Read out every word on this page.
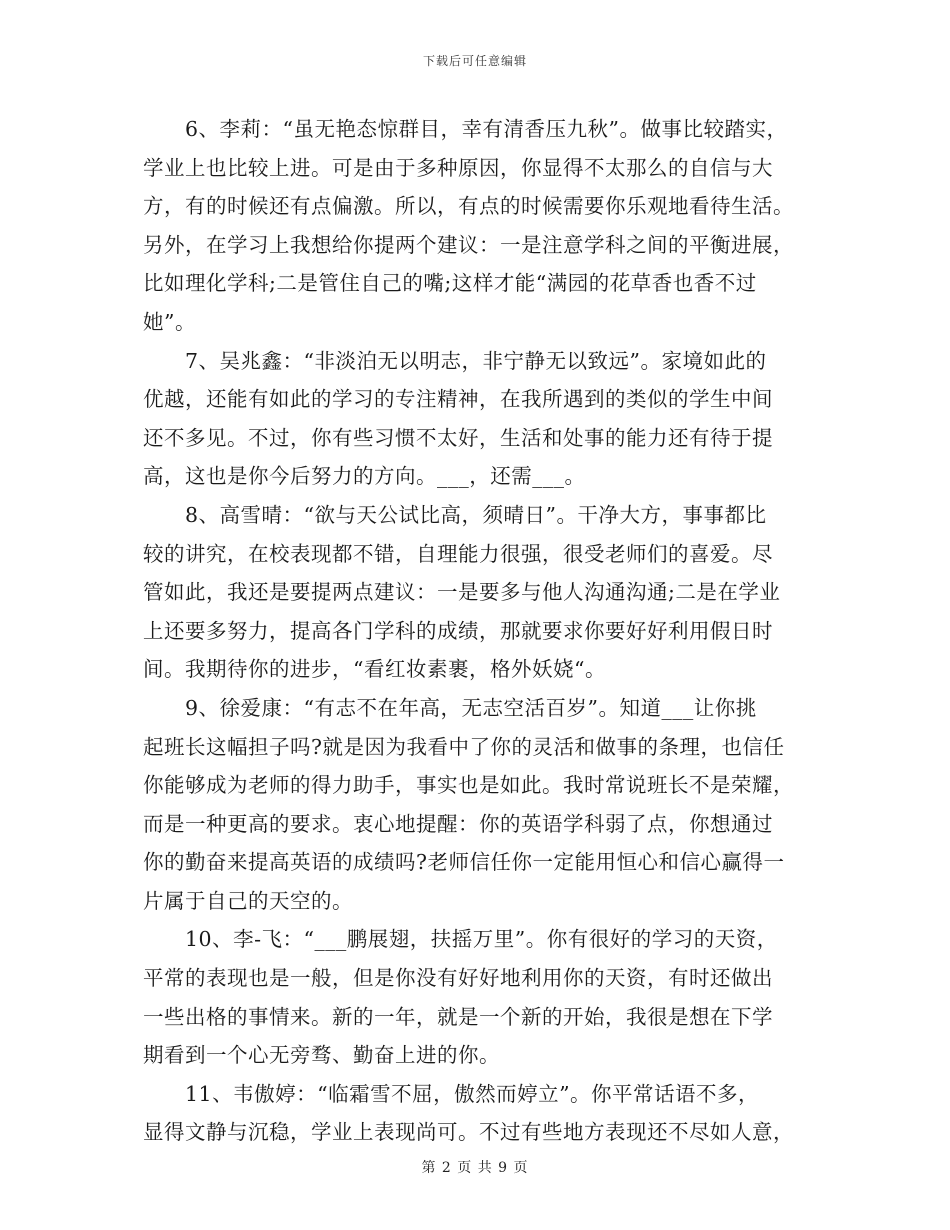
下载后可任意编辑

6、李莉：“虽无艳态惊群目，幸有清香压九秋”。做事比较踏实，
学业上也比较上进。可是由于多种原因，你显得不太那么的自信与大
方，有的时候还有点偏激。所以，有点的时候需要你乐观地看待生活。
另外，在学习上我想给你提两个建议：一是注意学科之间的平衡进展，
比如理化学科;二是管住自己的嘴;这样才能“满园的花草香也香不过
她”。

7、吴兆鑫：“非淡泊无以明志，非宁静无以致远”。家境如此的
优越，还能有如此的学习的专注精神，在我所遇到的类似的学生中间
还不多见。不过，你有些习惯不太好，生活和处事的能力还有待于提
高，这也是你今后努力的方向。___，还需___。

8、高雪晴：“欲与天公试比高，须晴日”。干净大方，事事都比
较的讲究，在校表现都不错，自理能力很强，很受老师们的喜爱。尽
管如此，我还是要提两点建议：一是要多与他人沟通沟通;二是在学业
上还要多努力，提高各门学科的成绩，那就要求你要好好利用假日时
间。我期待你的进步，“看红妆素裹，格外妖娆“。

9、徐爱康：“有志不在年高，无志空活百岁”。知道___让你挑
起班长这幅担子吗?就是因为我看中了你的灵活和做事的条理，也信任
你能够成为老师的得力助手，事实也是如此。我时常说班长不是荣耀，
而是一种更高的要求。衷心地提醒：你的英语学科弱了点，你想通过
你的勤奋来提高英语的成绩吗?老师信任你一定能用恒心和信心赢得一
片属于自己的天空的。

10、李-飞：“___鹏展翅，扶摇万里”。你有很好的学习的天资，
平常的表现也是一般，但是你没有好好地利用你的天资，有时还做出
一些出格的事情来。新的一年，就是一个新的开始，我很是想在下学
期看到一个心无旁骛、勤奋上进的你。

11、韦傲婷：“临霜雪不屈，傲然而婷立”。你平常话语不多，
显得文静与沉稳，学业上表现尚可。不过有些地方表现还不尽如人意，

第 2 页 共 9 页
